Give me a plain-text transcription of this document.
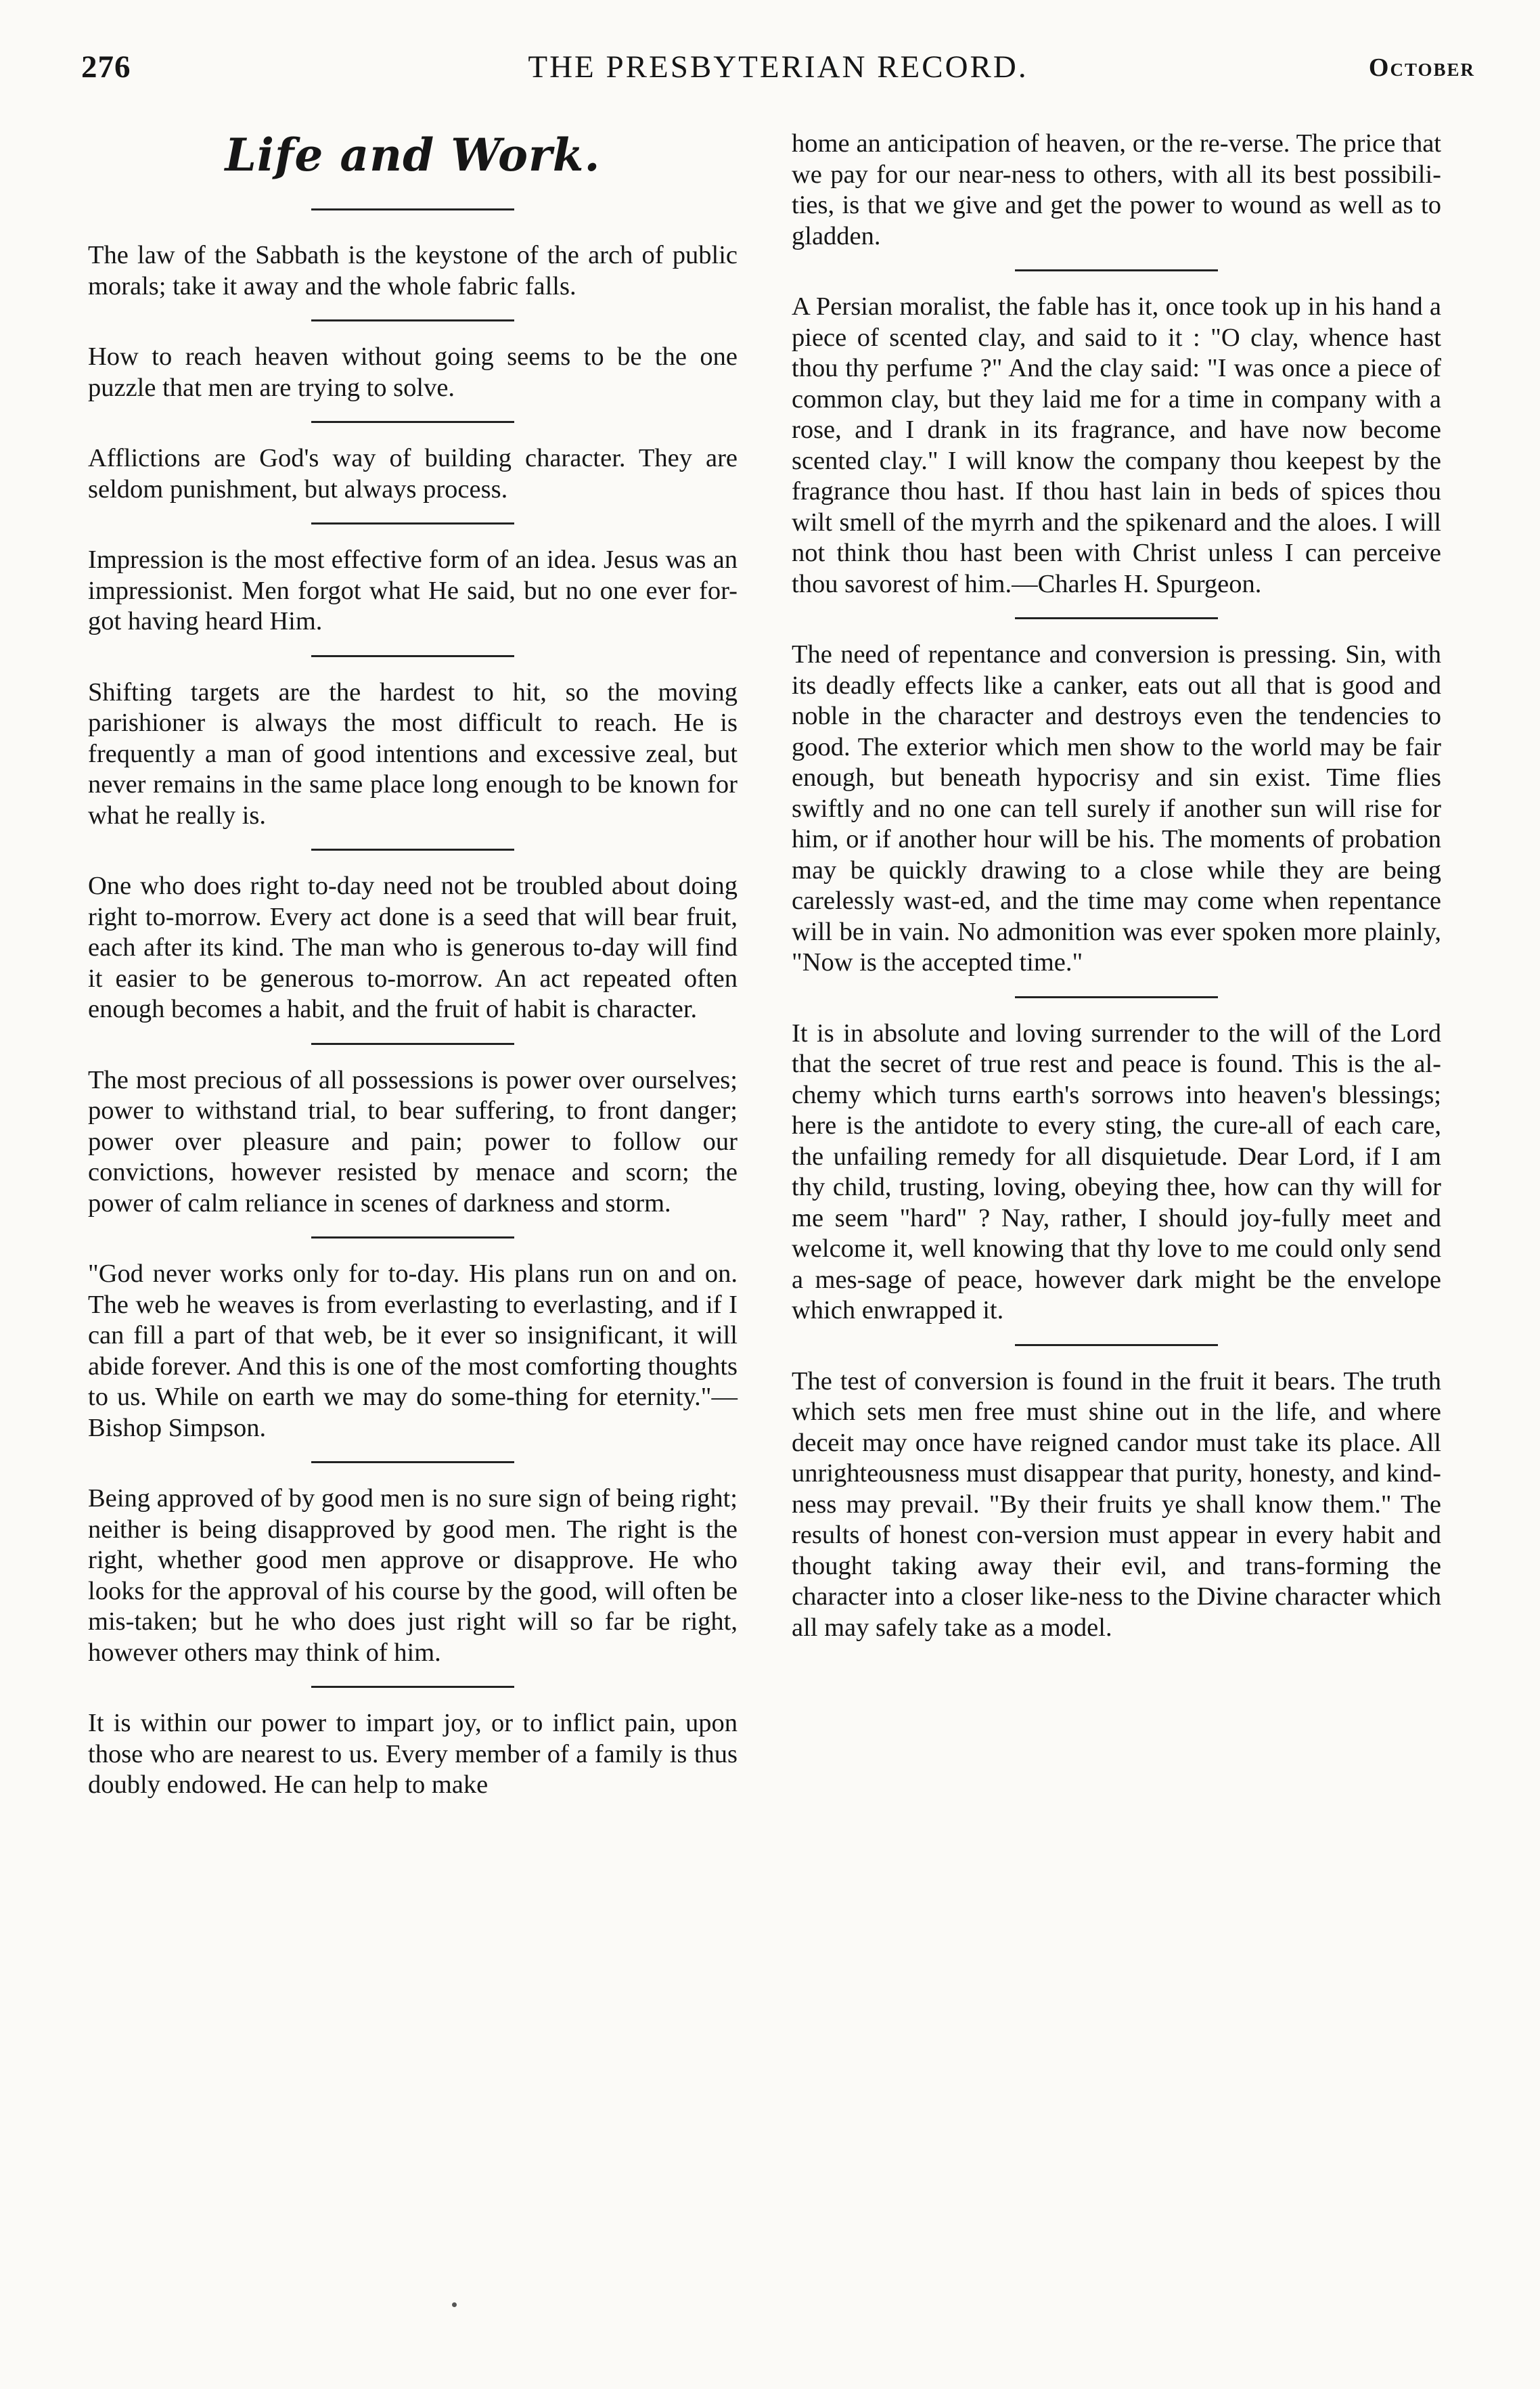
276	THE PRESBYTERIAN RECORD.	October
Life and Work.

The law of the Sabbath is the keystone of the arch of public morals; take it away and the whole fabric falls.

How to reach heaven without going seems to be the one puzzle that men are trying to solve.

Afflictions are God's way of building character. They are seldom punishment, but always process.

Impression is the most effective form of an idea. Jesus was an impressionist. Men forgot what He said, but no one ever for-got having heard Him.

Shifting targets are the hardest to hit, so the moving parishioner is always the most difficult to reach. He is frequently a man of good intentions and excessive zeal, but never remains in the same place long enough to be known for what he really is.

One who does right to-day need not be troubled about doing right to-morrow. Every act done is a seed that will bear fruit, each after its kind. The man who is generous to-day will find it easier to be generous to-morrow. An act repeated often enough becomes a habit, and the fruit of habit is character.

The most precious of all possessions is power over ourselves; power to withstand trial, to bear suffering, to front danger; power over pleasure and pain; power to follow our convictions, however resisted by menace and scorn; the power of calm reliance in scenes of darkness and storm.

"God never works only for to-day. His plans run on and on. The web he weaves is from everlasting to everlasting, and if I can fill a part of that web, be it ever so insignificant, it will abide forever. And this is one of the most comforting thoughts to us. While on earth we may do some-thing for eternity."—Bishop Simpson.

Being approved of by good men is no sure sign of being right; neither is being disapproved by good men. The right is the right, whether good men approve or disapprove. He who looks for the approval of his course by the good, will often be mis-taken; but he who does just right will so far be right, however others may think of him.

It is within our power to impart joy, or to inflict pain, upon those who are nearest to us. Every member of a family is thus doubly endowed. He can help to make

home an anticipation of heaven, or the re-verse. The price that we pay for our near-ness to others, with all its best possibili-ties, is that we give and get the power to wound as well as to gladden.

A Persian moralist, the fable has it, once took up in his hand a piece of scented clay, and said to it : "O clay, whence hast thou thy perfume ?" And the clay said: "I was once a piece of common clay, but they laid me for a time in company with a rose, and I drank in its fragrance, and have now become scented clay." I will know the company thou keepest by the fragrance thou hast. If thou hast lain in beds of spices thou wilt smell of the myrrh and the spikenard and the aloes. I will not think thou hast been with Christ unless I can perceive thou savorest of him.—Charles H. Spurgeon.

The need of repentance and conversion is pressing. Sin, with its deadly effects like a canker, eats out all that is good and noble in the character and destroys even the tendencies to good. The exterior which men show to the world may be fair enough, but beneath hypocrisy and sin exist. Time flies swiftly and no one can tell surely if another sun will rise for him, or if another hour will be his. The moments of probation may be quickly drawing to a close while they are being carelessly wast-ed, and the time may come when repentance will be in vain. No admonition was ever spoken more plainly, "Now is the accepted time."

It is in absolute and loving surrender to the will of the Lord that the secret of true rest and peace is found. This is the al-chemy which turns earth's sorrows into heaven's blessings; here is the antidote to every sting, the cure-all of each care, the unfailing remedy for all disquietude. Dear Lord, if I am thy child, trusting, loving, obeying thee, how can thy will for me seem "hard" ? Nay, rather, I should joy-fully meet and welcome it, well knowing that thy love to me could only send a mes-sage of peace, however dark might be the envelope which enwrapped it.

The test of conversion is found in the fruit it bears. The truth which sets men free must shine out in the life, and where deceit may once have reigned candor must take its place. All unrighteousness must disappear that purity, honesty, and kind-ness may prevail. "By their fruits ye shall know them." The results of honest con-version must appear in every habit and thought taking away their evil, and trans-forming the character into a closer like-ness to the Divine character which all may safely take as a model.
